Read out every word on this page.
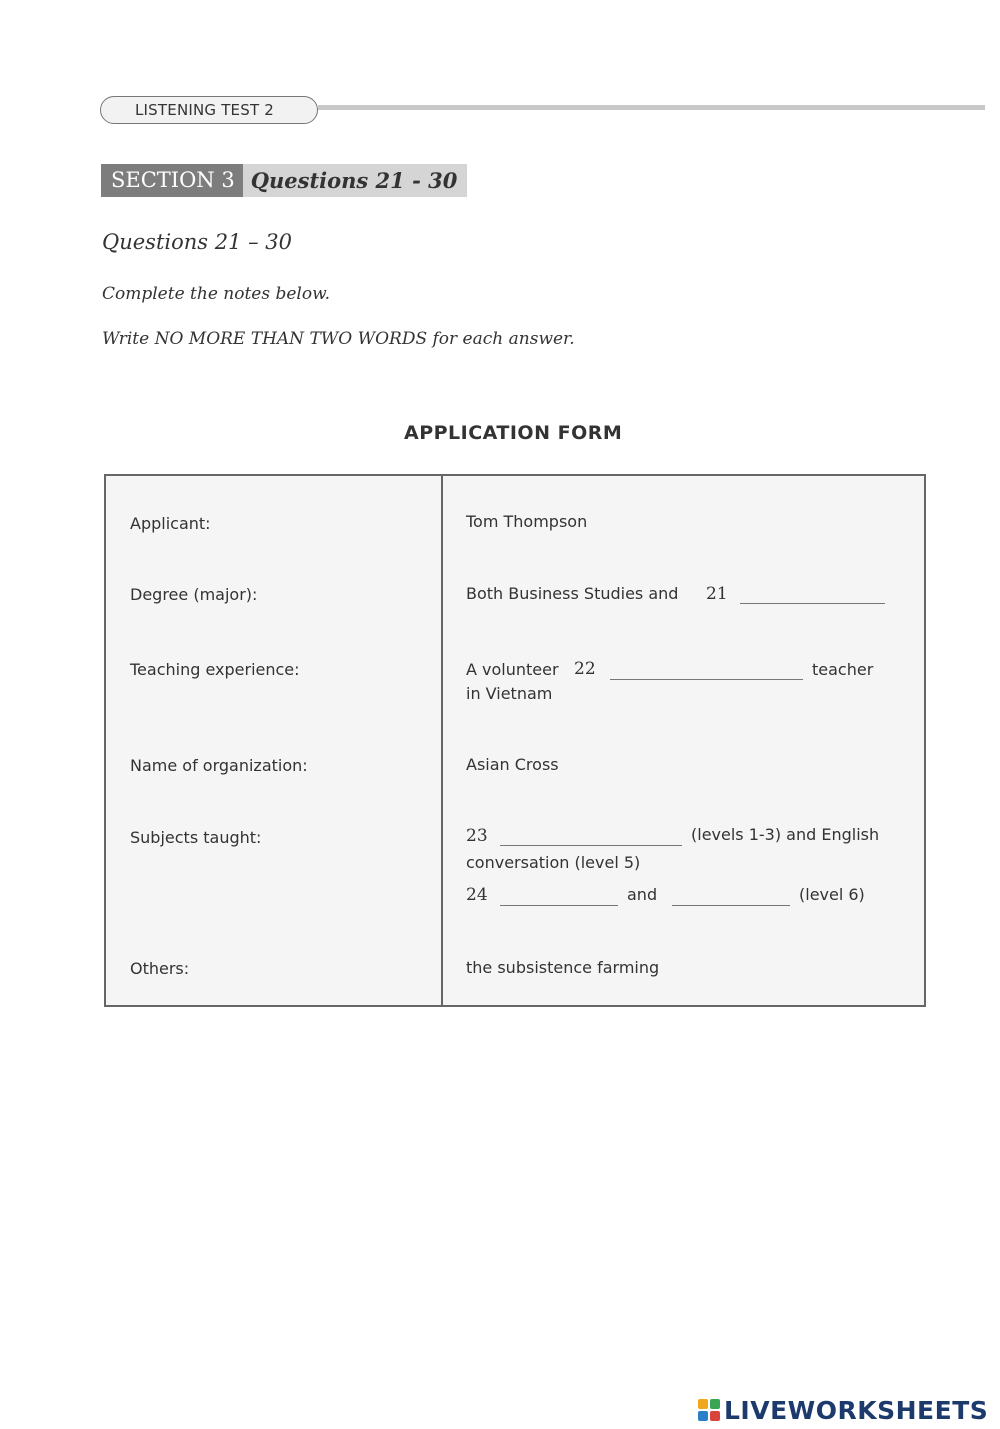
LISTENING TEST 2
SECTION 3 Questions 21 - 30
Questions 21 – 30
Complete the notes below.
Write NO MORE THAN TWO WORDS for each answer.
APPLICATION FORM
Applicant:	Tom Thompson
Degree (major):	Both Business Studies and 21
Teaching experience:	A volunteer 22	teacher
in Vietnam
Name of organization:	Asian Cross
Subjects taught:	23	(levels 1-3) and English
conversation (level 5)
24	and	(level 6)
Others:	the subsistence farming
LIVEWORKSHEETS
